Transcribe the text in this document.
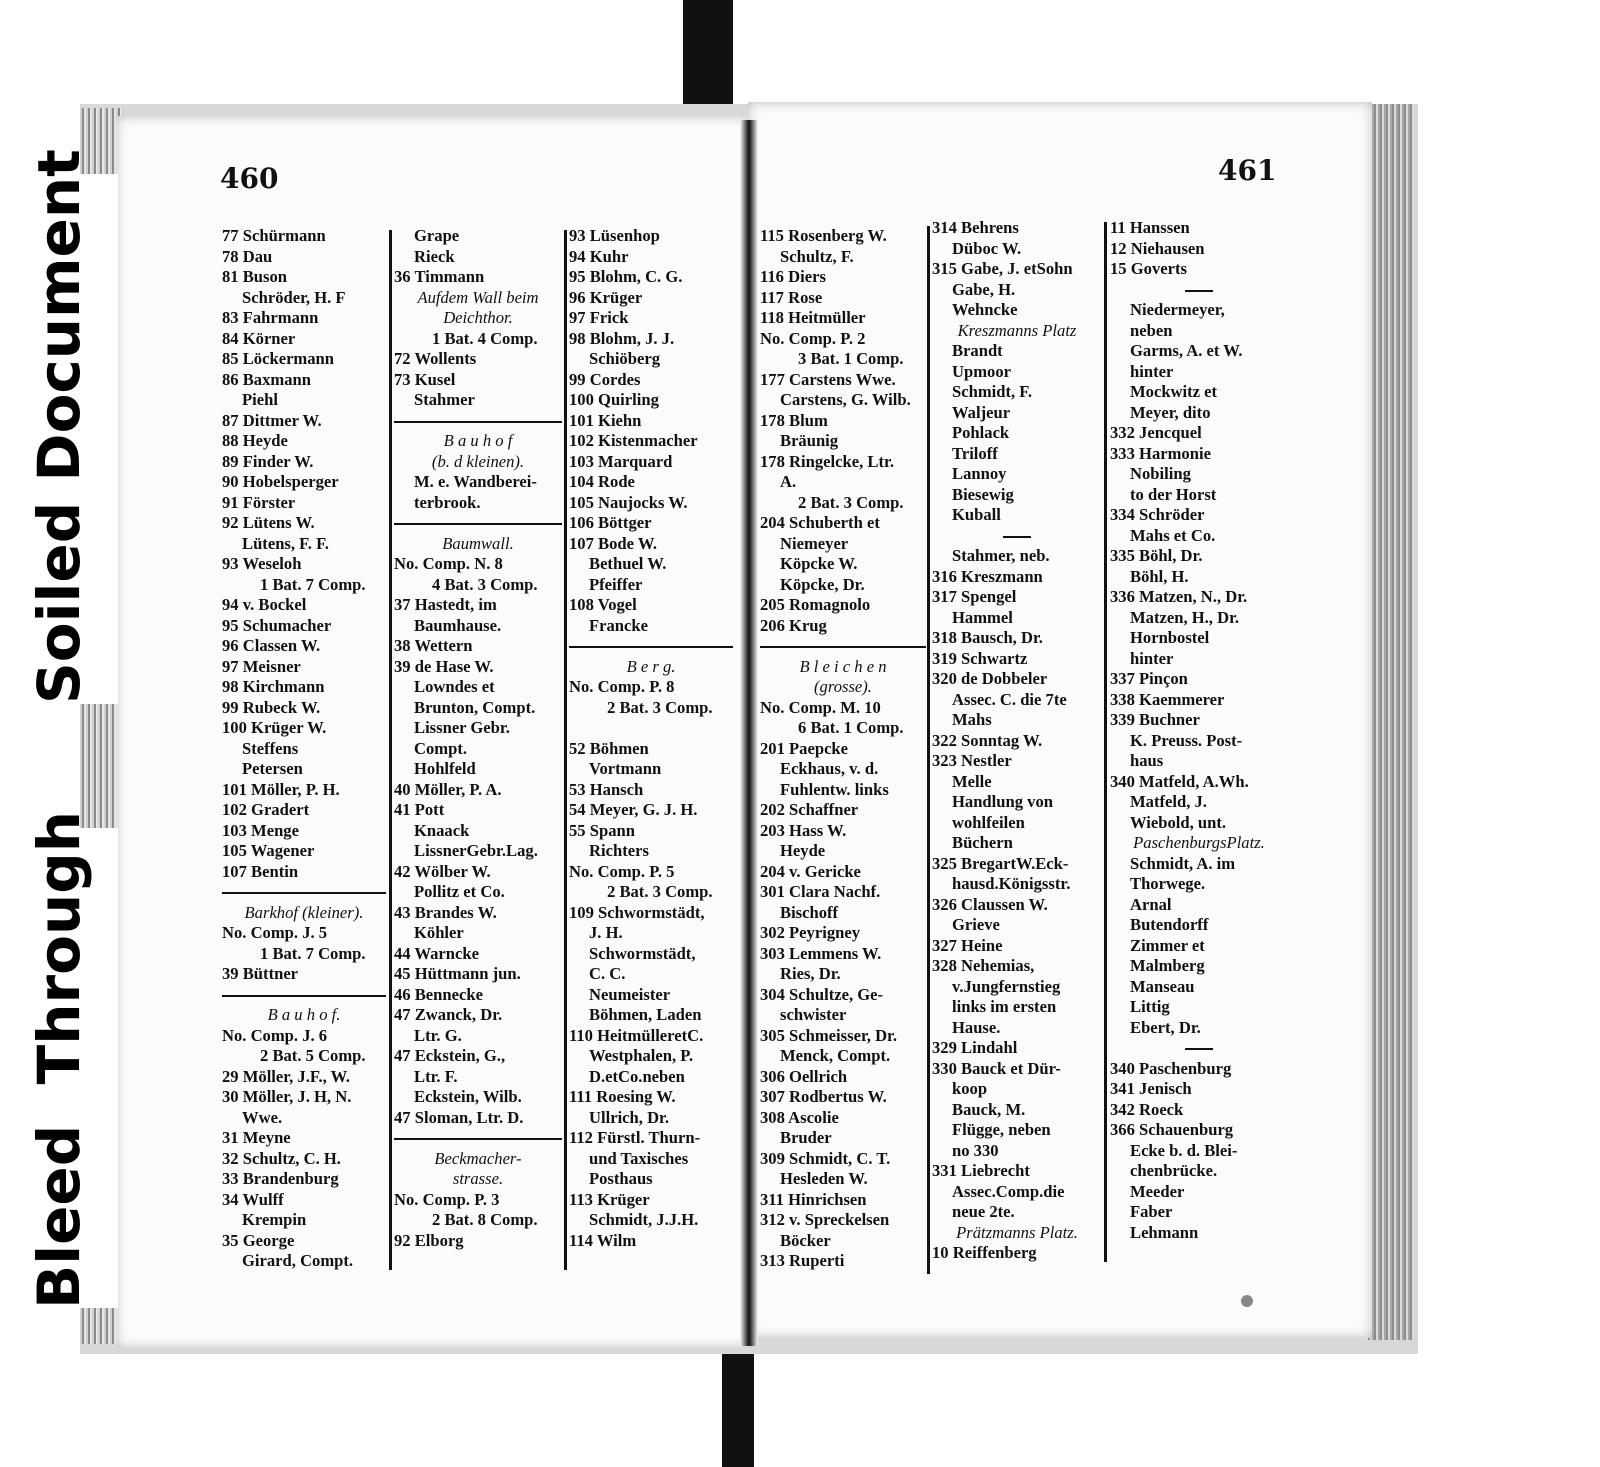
460	461
77 Schürmann
78 Dau
81 Buson
Schröder, H. F
83 Fahrmann
84 Körner
85 Löckermann
86 Baxmann
Piehl
87 Dittmer W.
88 Heyde
89 Finder W.
90 Hobelsperger
91 Förster
92 Lütens W.
Lütens, F. F.
93 Weseloh
1 Bat. 7 Comp.
94 v. Bockel
95 Schumacher
96 Classen W.
97 Meisner
98 Kirchmann
99 Rubeck W.
100 Krüger W.
Steffens
Petersen
101 Möller, P. H.
102 Gradert
103 Menge
105 Wagener
107 Bentin
Barkhof (kleiner).
No. Comp. J. 5
1 Bat. 7 Comp.
39 Büttner
B a u h o f.
No. Comp. J. 6
2 Bat. 5 Comp.
29 Möller, J.F., W.
30 Möller, J. H, N.
Wwe.
31 Meyne
32 Schultz, C. H.
33 Brandenburg
34 Wulff
Krempin
35 George
Girard, Compt.
Grape
Rieck
36 Timmann
Aufdem Wall beim
Deichthor.
1 Bat. 4 Comp.
72 Wollents
73 Kusel
Stahmer
B a u h o f
(b. d kleinen).
M. e. Wandberei-
terbrook.
Baumwall.
No. Comp. N. 8
4 Bat. 3 Comp.
37 Hastedt, im
Baumhause.
38 Wettern
39 de Hase W.
Lowndes et
Brunton, Compt.
Lissner Gebr.
Compt.
Hohlfeld
40 Möller, P. A.
41 Pott
Knaack
LissnerGebr.Lag.
42 Wölber W.
Pollitz et Co.
43 Brandes W.
Köhler
44 Warncke
45 Hüttmann jun.
46 Bennecke
47 Zwanck, Dr.
Ltr. G.
47 Eckstein, G.,
Ltr. F.
Eckstein, Wilb.
47 Sloman, Ltr. D.
Beckmacher-
strasse.
No. Comp. P. 3
2 Bat. 8 Comp.
92 Elborg
93 Lüsenhop
94 Kuhr
95 Blohm, C. G.
96 Krüger
97 Frick
98 Blohm, J. J.
Schiöberg
99 Cordes
100 Quirling
101 Kiehn
102 Kistenmacher
103 Marquard
104 Rode
105 Naujocks W.
106 Böttger
107 Bode W.
Bethuel W.
Pfeiffer
108 Vogel
Francke
B e r g.
No. Comp. P. 8
2 Bat. 3 Comp.
52 Böhmen
Vortmann
53 Hansch
54 Meyer, G. J. H.
55 Spann
Richters
No. Comp. P. 5
2 Bat. 3 Comp.
109 Schwormstädt,
J. H.
Schwormstädt,
C. C.
Neumeister
Böhmen, Laden
110 HeitmülleretC.
Westphalen, P.
D.etCo.neben
111 Roesing W.
Ullrich, Dr.
112 Fürstl. Thurn-
und Taxisches
Posthaus
113 Krüger
Schmidt, J.J.H.
114 Wilm
115 Rosenberg W.
Schultz, F.
116 Diers
117 Rose
118 Heitmüller
No. Comp. P. 2
3 Bat. 1 Comp.
177 Carstens Wwe.
Carstens, G. Wilb.
178 Blum
Bräunig
178 Ringelcke, Ltr.
A.
2 Bat. 3 Comp.
204 Schuberth et
Niemeyer
Köpcke W.
Köpcke, Dr.
205 Romagnolo
206 Krug
B l e i c h e n
(grosse).
No. Comp. M. 10
6 Bat. 1 Comp.
201 Paepcke
Eckhaus, v. d.
Fuhlentw. links
202 Schaffner
203 Hass W.
Heyde
204 v. Gericke
301 Clara Nachf.
Bischoff
302 Peyrigney
303 Lemmens W.
Ries, Dr.
304 Schultze, Ge-
schwister
305 Schmeisser, Dr.
Menck, Compt.
306 Oellrich
307 Rodbertus W.
308 Ascolie
Bruder
309 Schmidt, C. T.
Hesleden W.
311 Hinrichsen
312 v. Spreckelsen
Böcker
313 Ruperti
314 Behrens
Düboc W.
315 Gabe, J. etSohn
Gabe, H.
Wehncke
Kreszmanns Platz
Brandt
Upmoor
Schmidt, F.
Waljeur
Pohlack
Triloff
Lannoy
Biesewig
Kuball
Stahmer, neb.
316 Kreszmann
317 Spengel
Hammel
318 Bausch, Dr.
319 Schwartz
320 de Dobbeler
Assec. C. die 7te
Mahs
322 Sonntag W.
323 Nestler
Melle
Handlung von
wohlfeilen
Büchern
325 BregartW.Eck-
hausd.Königsstr.
326 Claussen W.
Grieve
327 Heine
328 Nehemias,
v.Jungfernstieg
links im ersten
Hause.
329 Lindahl
330 Bauck et Dür-
koop
Bauck, M.
Flügge, neben
no 330
331 Liebrecht
Assec.Comp.die
neue 2te.
Prätzmanns Platz.
10 Reiffenberg
11 Hanssen
12 Niehausen
15 Goverts
Niedermeyer,
neben
Garms, A. et W.
hinter
Mockwitz et
Meyer, dito
332 Jencquel
333 Harmonie
Nobiling
to der Horst
334 Schröder
Mahs et Co.
335 Böhl, Dr.
Böhl, H.
336 Matzen, N., Dr.
Matzen, H., Dr.
Hornbostel
hinter
337 Pinçon
338 Kaemmerer
339 Buchner
K. Preuss. Post-
haus
340 Matfeld, A.Wh.
Matfeld, J.
Wiebold, unt.
PaschenburgsPlatz.
Schmidt, A. im
Thorwege.
Arnal
Butendorff
Zimmer et
Malmberg
Manseau
Littig
Ebert, Dr.
340 Paschenburg
341 Jenisch
342 Roeck
366 Schauenburg
Ecke b. d. Blei-
chenbrücke.
Meeder
Faber
Lehmann
Soiled Document
Bleed  Through
